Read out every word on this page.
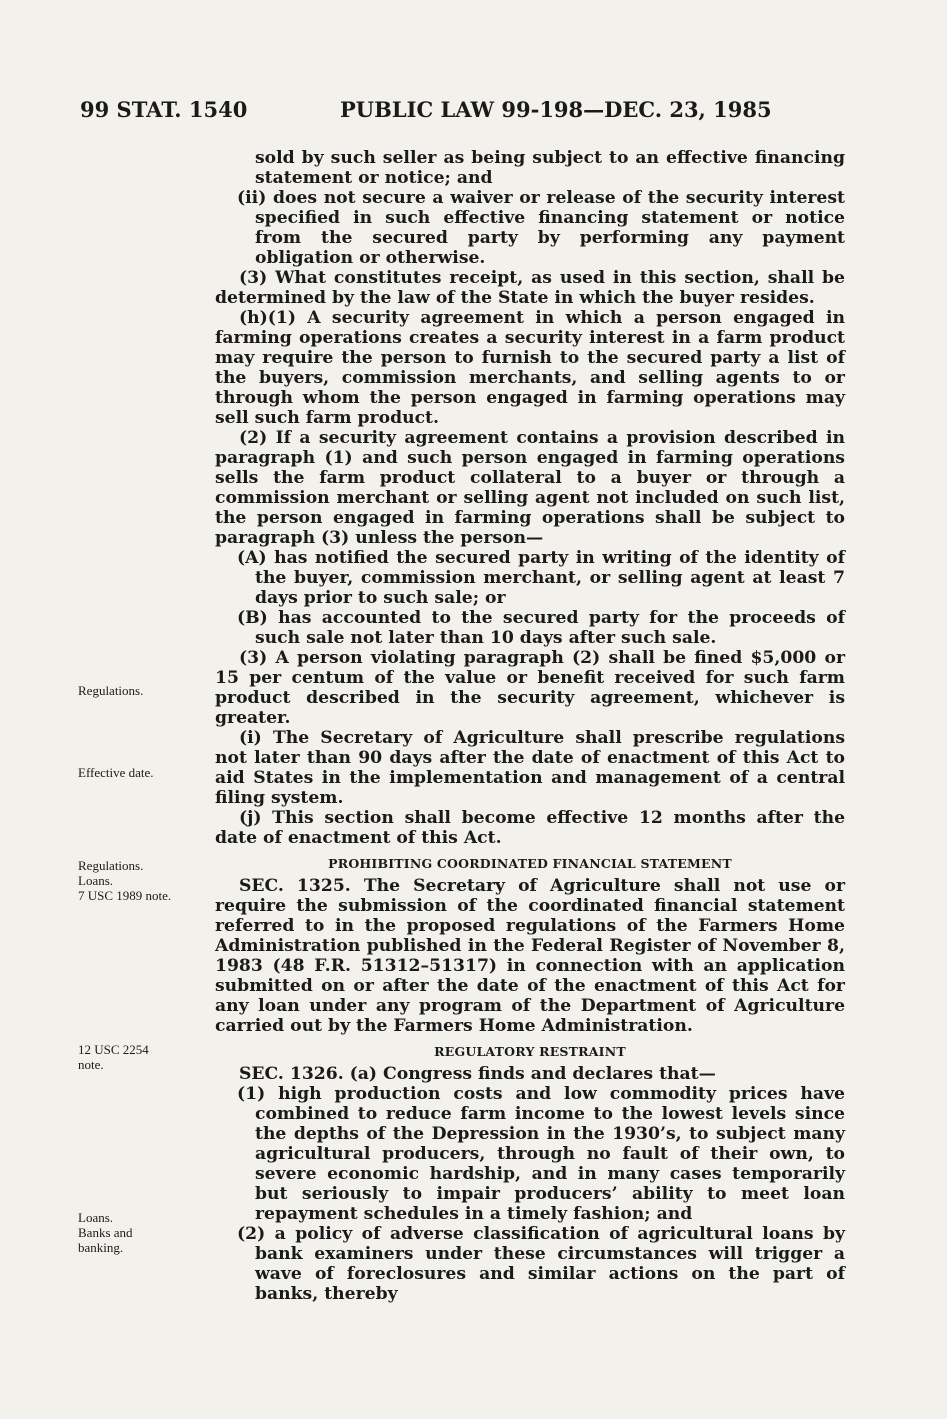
99 STAT. 1540	PUBLIC LAW 99-198—DEC. 23, 1985
Regulations.
Effective date.
Regulations.
Loans.
7 USC 1989 note.
12 USC 2254
note.
Loans.
Banks and
banking.

sold by such seller as being subject to an effective financing statement or notice; and

(ii) does not secure a waiver or release of the security interest specified in such effective financing statement or notice from the secured party by performing any payment obligation or otherwise.

(3) What constitutes receipt, as used in this section, shall be determined by the law of the State in which the buyer resides.

(h)(1) A security agreement in which a person engaged in farming operations creates a security interest in a farm product may require the person to furnish to the secured party a list of the buyers, commission merchants, and selling agents to or through whom the person engaged in farming operations may sell such farm product.

(2) If a security agreement contains a provision described in paragraph (1) and such person engaged in farming operations sells the farm product collateral to a buyer or through a commission merchant or selling agent not included on such list, the person engaged in farming operations shall be subject to paragraph (3) unless the person—

(A) has notified the secured party in writing of the identity of the buyer, commission merchant, or selling agent at least 7 days prior to such sale; or

(B) has accounted to the secured party for the proceeds of such sale not later than 10 days after such sale.

(3) A person violating paragraph (2) shall be fined $5,000 or 15 per centum of the value or benefit received for such farm product described in the security agreement, whichever is greater.

(i) The Secretary of Agriculture shall prescribe regulations not later than 90 days after the date of enactment of this Act to aid States in the implementation and management of a central filing system.

(j) This section shall become effective 12 months after the date of enactment of this Act.

PROHIBITING COORDINATED FINANCIAL STATEMENT

SEC. 1325. The Secretary of Agriculture shall not use or require the submission of the coordinated financial statement referred to in the proposed regulations of the Farmers Home Administration published in the Federal Register of November 8, 1983 (48 F.R. 51312–51317) in connection with an application submitted on or after the date of the enactment of this Act for any loan under any program of the Department of Agriculture carried out by the Farmers Home Administration.

REGULATORY RESTRAINT

SEC. 1326. (a) Congress finds and declares that—

(1) high production costs and low commodity prices have combined to reduce farm income to the lowest levels since the depths of the Depression in the 1930’s, to subject many agricultural producers, through no fault of their own, to severe economic hardship, and in many cases temporarily but seriously to impair producers’ ability to meet loan repayment schedules in a timely fashion; and

(2) a policy of adverse classification of agricultural loans by bank examiners under these circumstances will trigger a wave of foreclosures and similar actions on the part of banks, thereby
